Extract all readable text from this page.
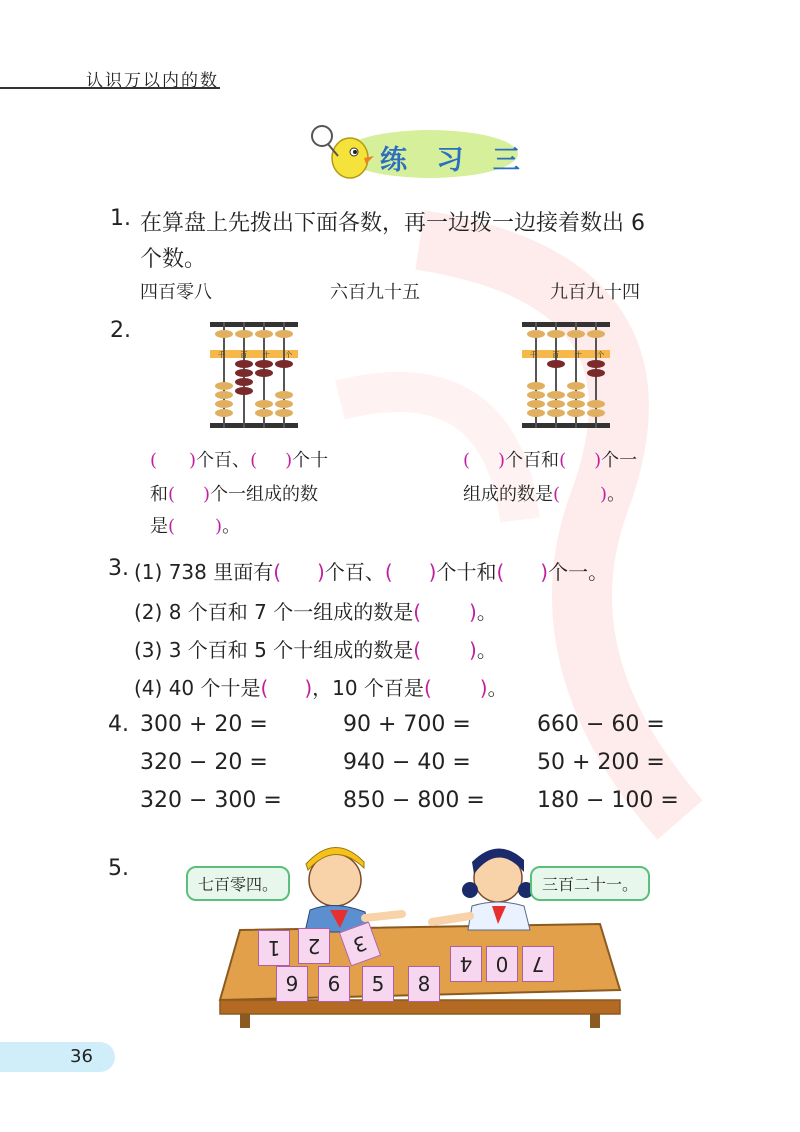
认识万以内的数
练 习 三
1. 在算盘上先拨出下面各数，再一边拨一边接着数出 6
个数。
四百零八	六百九十五	九百九十四
2.
千 百 十 个	千 百 十 个
( )个百、( )个十
和( )个一组成的数
是( )。
( )个百和( )个一
组成的数是( )。
3. (1) 738 里面有( )个百、( )个十和( )个一。
(2) 8 个百和 7 个一组成的数是( )。
(3) 3 个百和 5 个十组成的数是( )。
(4) 40 个十是( )，10 个百是( )。
4. 300 + 20 =	90 + 700 =	660 − 60 =
320 − 20 =	940 − 40 =	50 + 200 =
320 − 300 =	850 − 800 = 180 − 100 =
5.
七百零四。	三百二十一。
1	2	3
9	6	5	8
4	0	7
36
